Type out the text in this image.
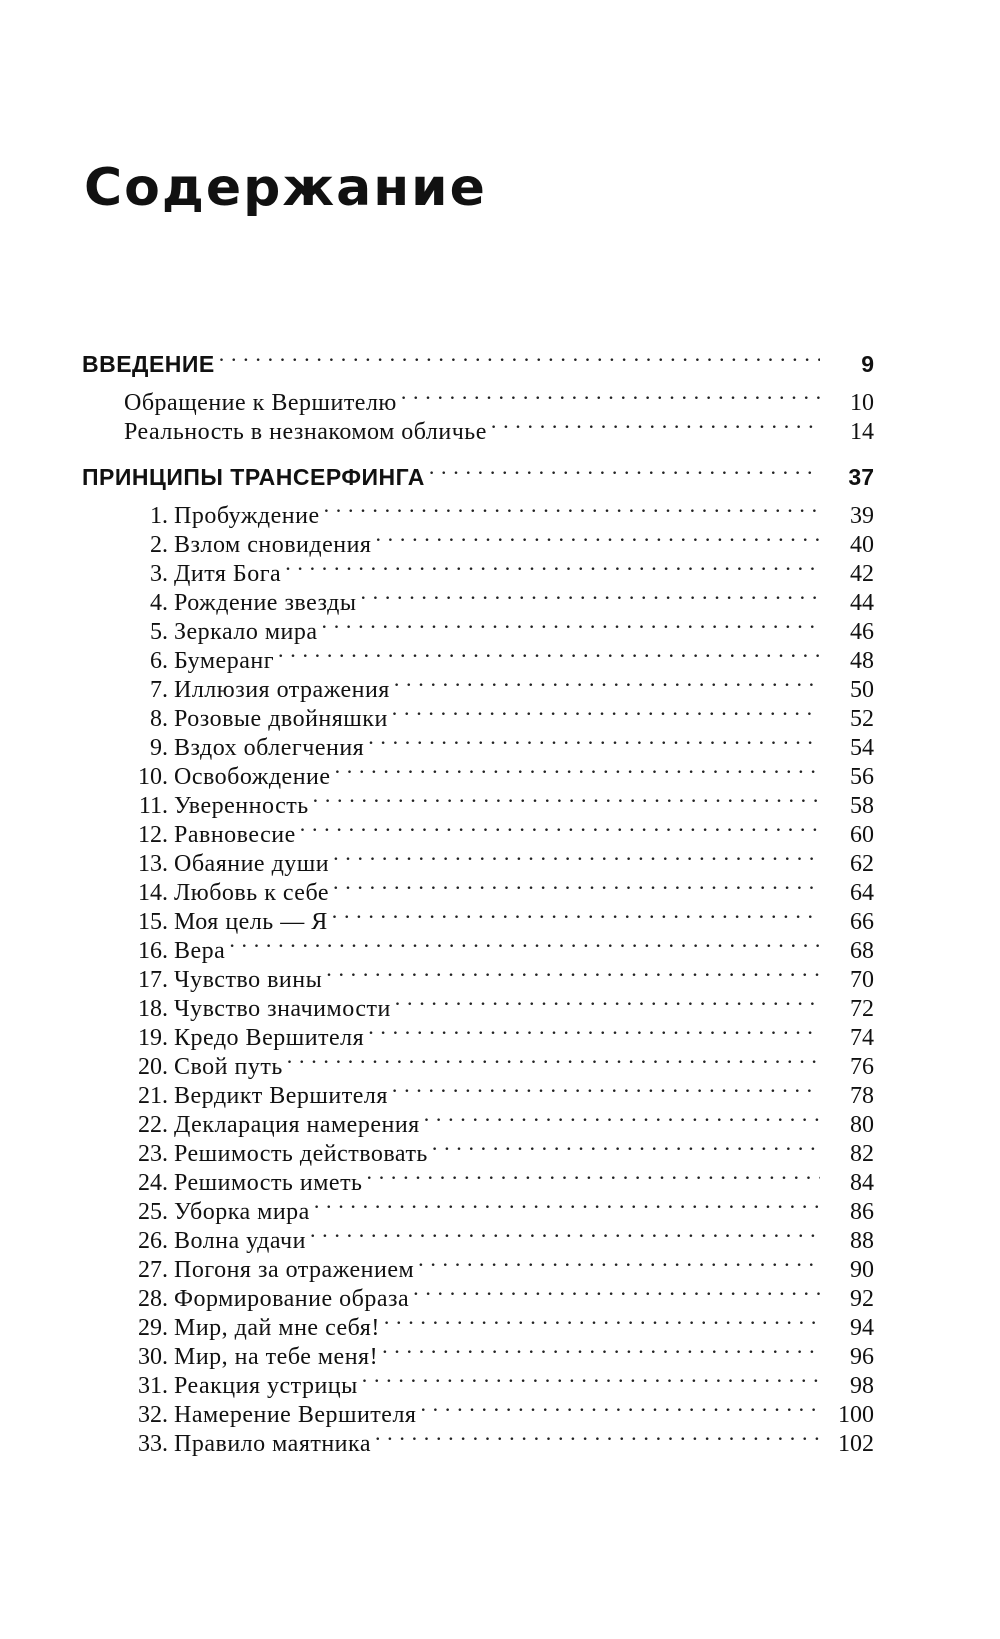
Содержание
ВВЕДЕНИЕ . . .	9
Обращение к Вершителю . . .	10
Реальность в незнакомом обличье . . .	14
ПРИНЦИПЫ ТРАНСЕРФИНГА . . .	37
1. Пробуждение . . .	39
2. Взлом сновидения . . .	40
3. Дитя Бога . . .	42
4. Рождение звезды . . .	44
5. Зеркало мира . . .	46
6. Бумеранг . . .	48
7. Иллюзия отражения . . .	50
8. Розовые двойняшки . . .	52
9. Вздох облегчения . . .	54
10. Освобождение . . .	56
11. Уверенность . . .	58
12. Равновесие . . .	60
13. Обаяние души . . .	62
14. Любовь к себе . . .	64
15. Моя цель — Я . . .	66
16. Вера . . .	68
17. Чувство вины . . .	70
18. Чувство значимости . . .	72
19. Кредо Вершителя . . .	74
20. Свой путь . . .	76
21. Вердикт Вершителя . . .	78
22. Декларация намерения . . .	80
23. Решимость действовать . . .	82
24. Решимость иметь . . .	84
25. Уборка мира . . .	86
26. Волна удачи . . .	88
27. Погоня за отражением . . .	90
28. Формирование образа . . .	92
29. Мир, дай мне себя! . . .	94
30. Мир, на тебе меня! . . .	96
31. Реакция устрицы . . .	98
32. Намерение Вершителя . . .	100
33. Правило маятника . . .	102
